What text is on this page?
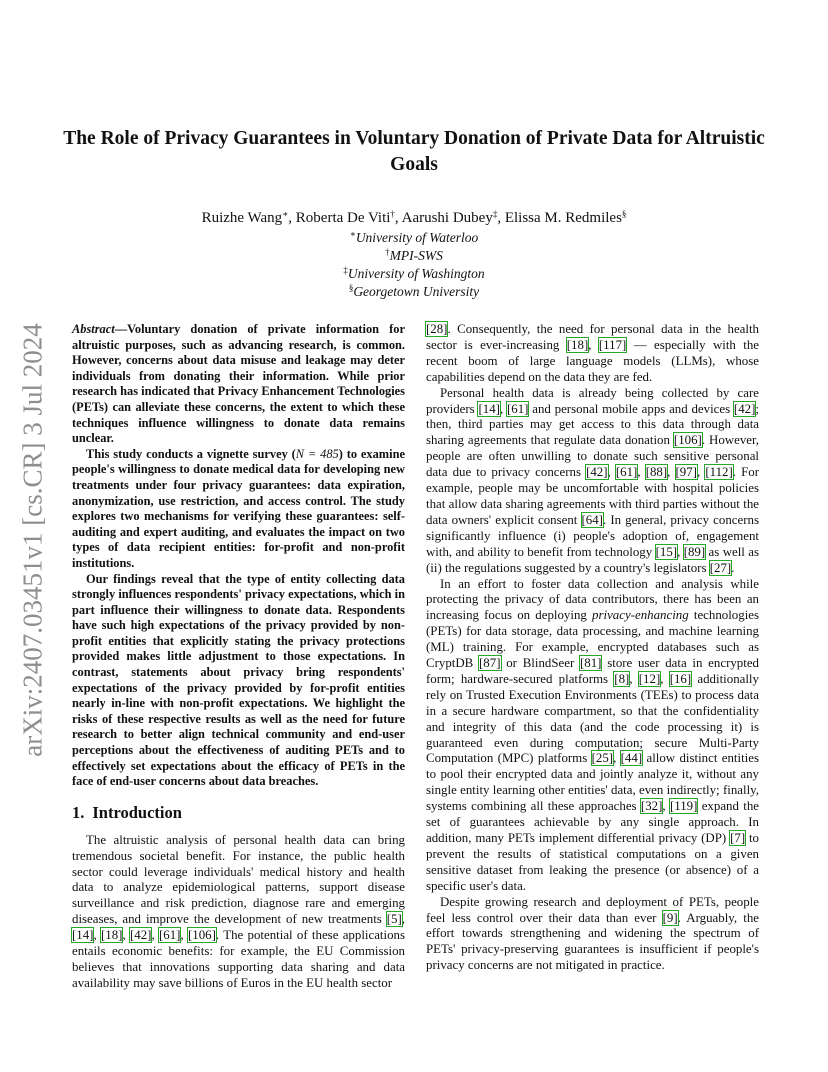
arXiv:2407.03451v1 [cs.CR] 3 Jul 2024
The Role of Privacy Guarantees in Voluntary Donation of Private Data for Altruistic Goals
Ruizhe Wang∗, Roberta De Viti†, Aarushi Dubey‡, Elissa M. Redmiles§
∗University of Waterloo
†MPI-SWS
‡University of Washington
§Georgetown University

Abstract—Voluntary donation of private information for altruistic purposes, such as advancing research, is common. However, concerns about data misuse and leakage may deter individuals from donating their information. While prior research has indicated that Privacy Enhancement Technologies (PETs) can alleviate these concerns, the extent to which these techniques influence willingness to donate data remains unclear.

This study conducts a vignette survey (N = 485) to examine people's willingness to donate medical data for developing new treatments under four privacy guarantees: data expiration, anonymization, use restriction, and access control. The study explores two mechanisms for verifying these guarantees: self-auditing and expert auditing, and evaluates the impact on two types of data recipient entities: for-profit and non-profit institutions.

Our findings reveal that the type of entity collecting data strongly influences respondents' privacy expectations, which in part influence their willingness to donate data. Respondents have such high expectations of the privacy provided by non-profit entities that explicitly stating the privacy protections provided makes little adjustment to those expectations. In contrast, statements about privacy bring respondents' expectations of the privacy provided by for-profit entities nearly in-line with non-profit expectations. We highlight the risks of these respective results as well as the need for future research to better align technical community and end-user perceptions about the effectiveness of auditing PETs and to effectively set expectations about the efficacy of PETs in the face of end-user concerns about data breaches.

1. Introduction

The altruistic analysis of personal health data can bring tremendous societal benefit. For instance, the public health sector could leverage individuals' medical history and health data to analyze epidemiological patterns, support disease surveillance and risk prediction, diagnose rare and emerging diseases, and improve the development of new treatments [5], [14], [18], [42], [61], [106]. The potential of these applications entails economic benefits: for example, the EU Commission believes that innovations supporting data sharing and data availability may save billions of Euros in the EU health sector

[28]. Consequently, the need for personal data in the health sector is ever-increasing [18], [117] — especially with the recent boom of large language models (LLMs), whose capabilities depend on the data they are fed.

Personal health data is already being collected by care providers [14], [61] and personal mobile apps and devices [42]; then, third parties may get access to this data through data sharing agreements that regulate data donation [106]. However, people are often unwilling to donate such sensitive personal data due to privacy concerns [42], [61], [88], [97], [112]. For example, people may be uncomfortable with hospital policies that allow data sharing agreements with third parties without the data owners' explicit consent [64]. In general, privacy concerns significantly influence (i) people's adoption of, engagement with, and ability to benefit from technology [15], [89] as well as (ii) the regulations suggested by a country's legislators [27].

In an effort to foster data collection and analysis while protecting the privacy of data contributors, there has been an increasing focus on deploying privacy-enhancing technologies (PETs) for data storage, data processing, and machine learning (ML) training. For example, encrypted databases such as CryptDB [87] or BlindSeer [81] store user data in encrypted form; hardware-secured platforms [8], [12], [16] additionally rely on Trusted Execution Environments (TEEs) to process data in a secure hardware compartment, so that the confidentiality and integrity of this data (and the code processing it) is guaranteed even during computation; secure Multi-Party Computation (MPC) platforms [25], [44] allow distinct entities to pool their encrypted data and jointly analyze it, without any single entity learning other entities' data, even indirectly; finally, systems combining all these approaches [32], [119] expand the set of guarantees achievable by any single approach. In addition, many PETs implement differential privacy (DP) [7] to prevent the results of statistical computations on a given sensitive dataset from leaking the presence (or absence) of a specific user's data.

Despite growing research and deployment of PETs, people feel less control over their data than ever [9]. Arguably, the effort towards strengthening and widening the spectrum of PETs' privacy-preserving guarantees is insufficient if people's privacy concerns are not mitigated in practice.
